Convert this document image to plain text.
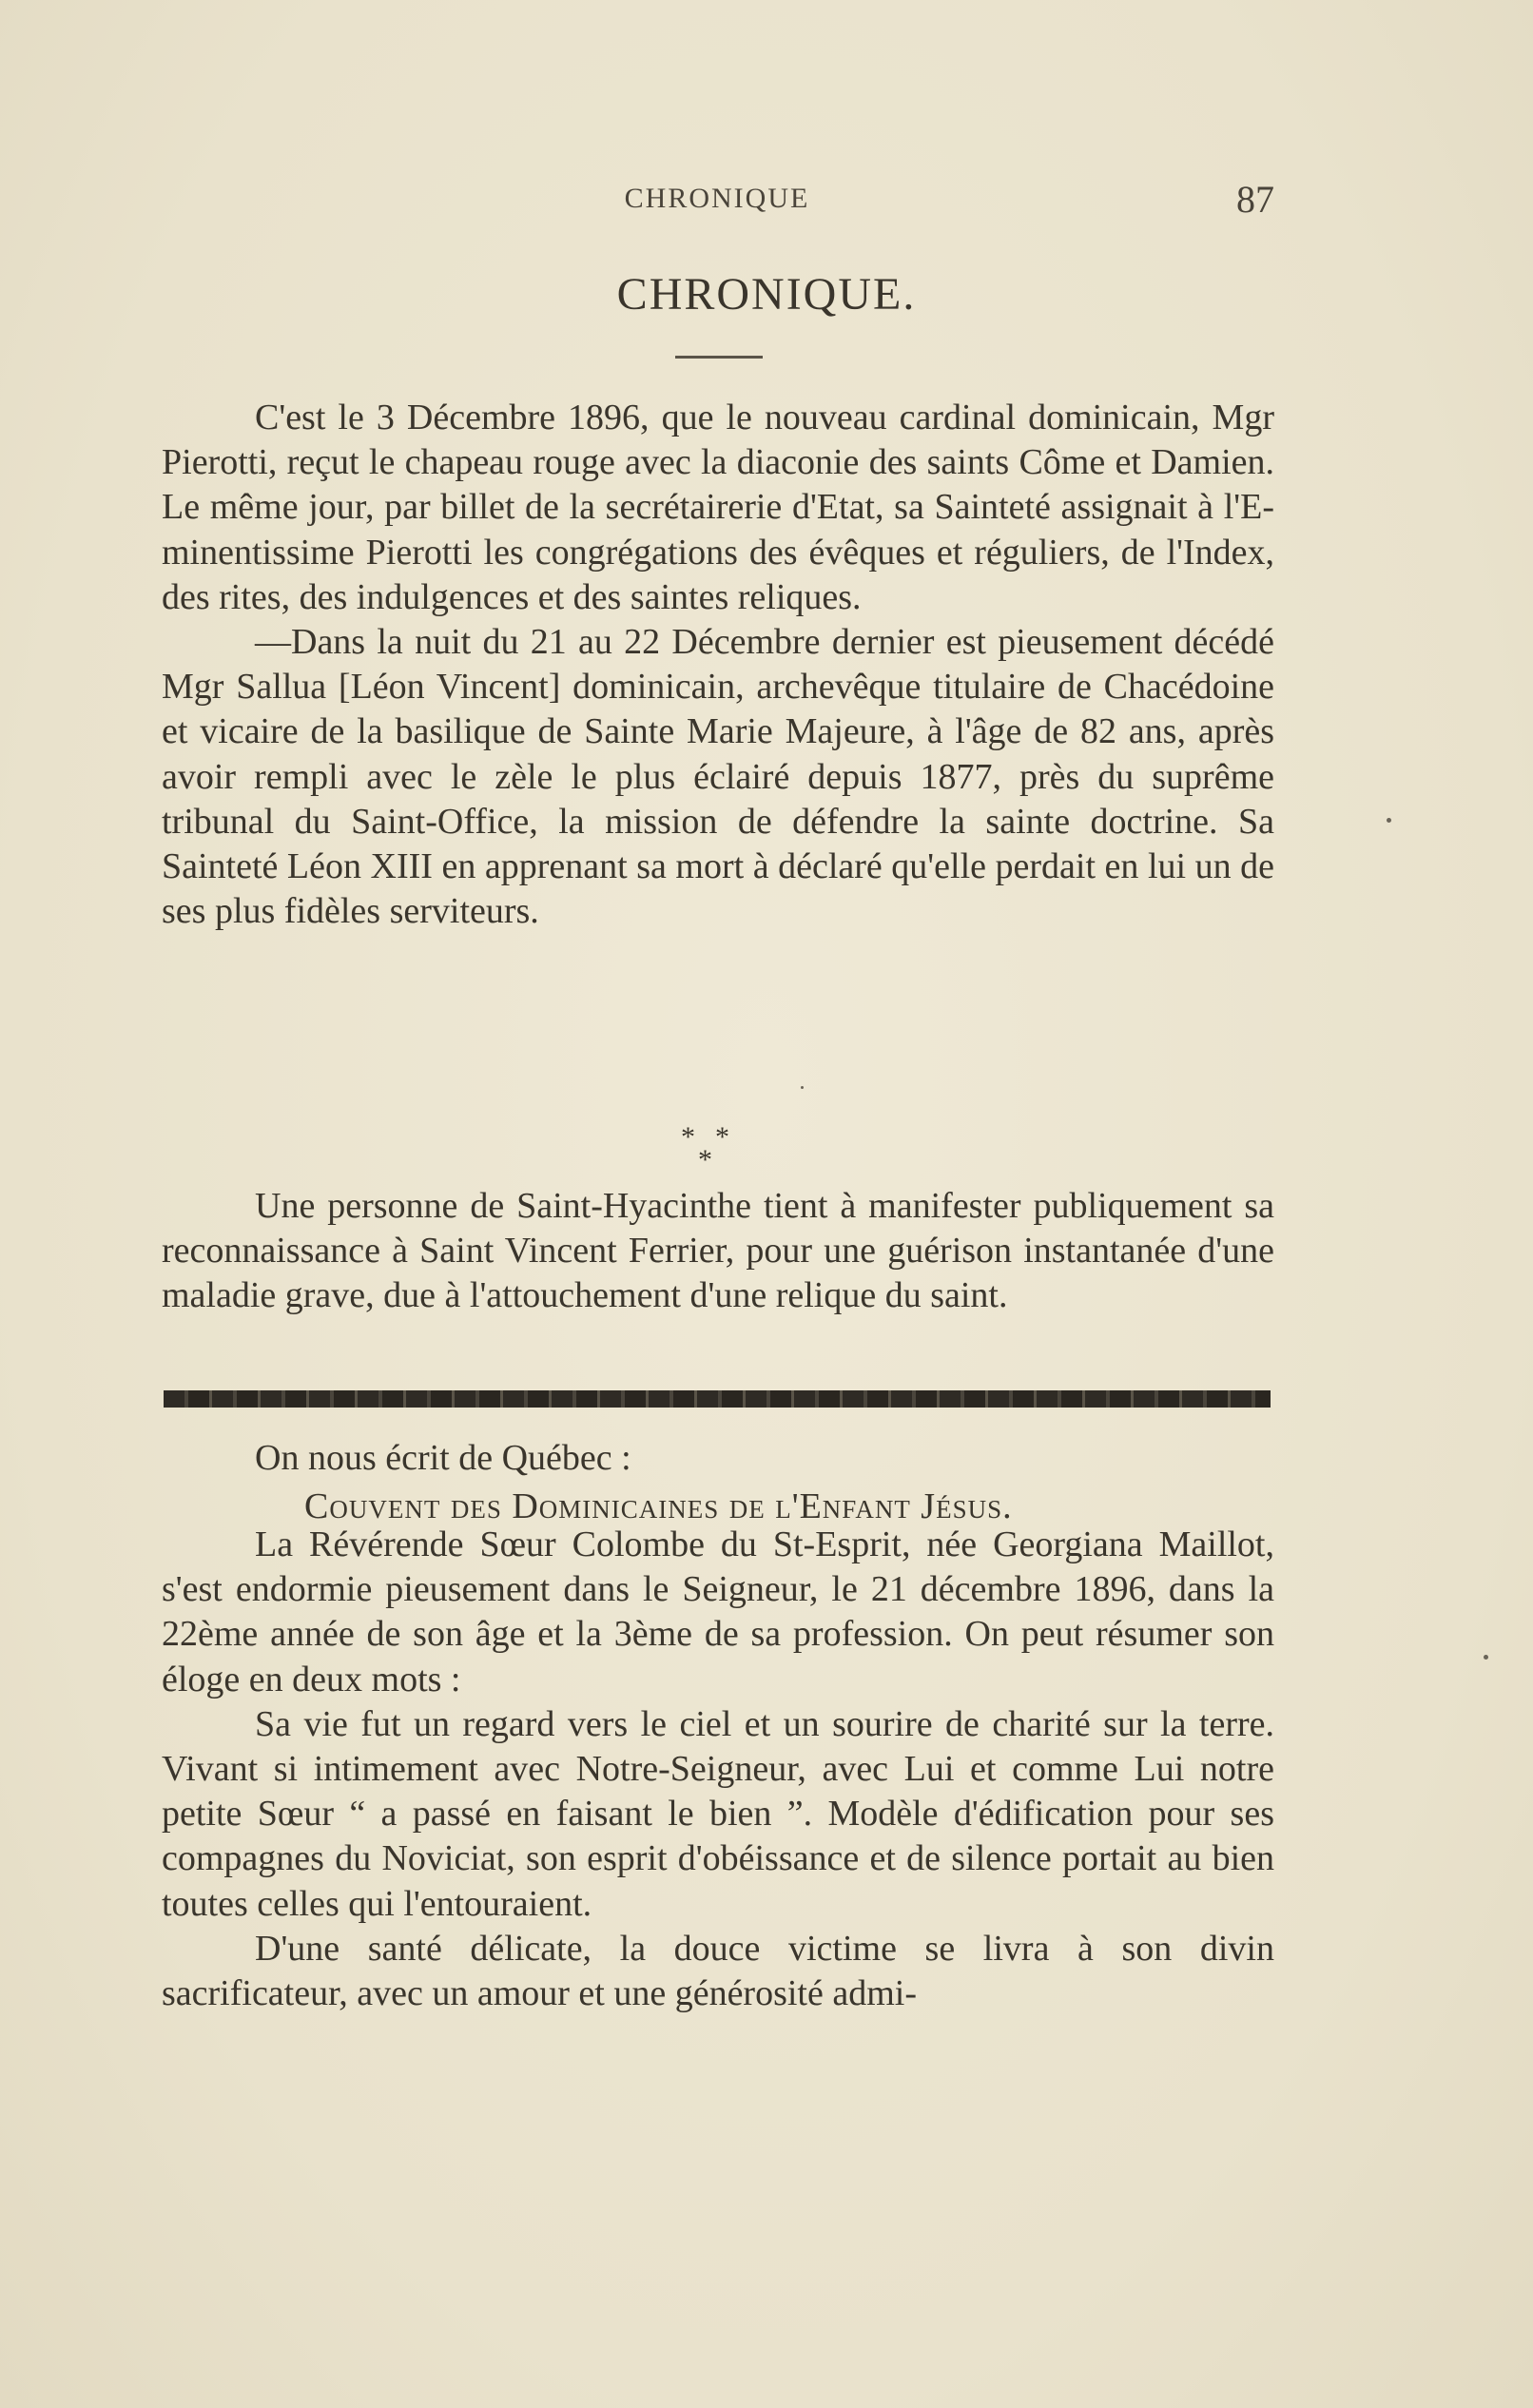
CHRONIQUE	87
CHRONIQUE.

C'est le 3 Décembre 1896, que le nouveau cardinal dominicain, Mgr Pierotti, reçut le chapeau rouge avec la diaconie des saints Côme et Damien. Le même jour, par billet de la secrétairerie d'Etat, sa Sainteté assignait à l'Eminentissime Pierotti les congrégations des évêques et réguliers, de l'Index, des rites, des indulgences et des saintes reliques.

—Dans la nuit du 21 au 22 Décembre dernier est pieusement décédé Mgr Sallua [Léon Vincent] dominicain, archevêque titulaire de Chacédoine et vicaire de la basilique de Sainte Marie Majeure, à l'âge de 82 ans, après avoir rempli avec le zèle le plus éclairé depuis 1877, près du suprême tribunal du Saint-Office, la mission de défendre la sainte doctrine. Sa Sainteté Léon XIII en apprenant sa mort à déclaré qu'elle perdait en lui un de ses plus fidèles serviteurs.

* *
*

Une personne de Saint-Hyacinthe tient à manifester publiquement sa reconnaissance à Saint Vincent Ferrier, pour une guérison instantanée d'une maladie grave, due à l'attouchement d'une relique du saint.

On nous écrit de Québec :
Couvent des Dominicaines de l'Enfant Jésus.

La Révérende Sœur Colombe du St-Esprit, née Georgiana Maillot, s'est endormie pieusement dans le Seigneur, le 21 décembre 1896, dans la 22ème année de son âge et la 3ème de sa profession. On peut résumer son éloge en deux mots :

Sa vie fut un regard vers le ciel et un sourire de charité sur la terre. Vivant si intimement avec Notre-Seigneur, avec Lui et comme Lui notre petite Sœur “ a passé en faisant le bien ”. Modèle d'édification pour ses compagnes du Noviciat, son esprit d'obéissance et de silence portait au bien toutes celles qui l'entouraient.

D'une santé délicate, la douce victime se livra à son divin sacrificateur, avec un amour et une générosité admi-
